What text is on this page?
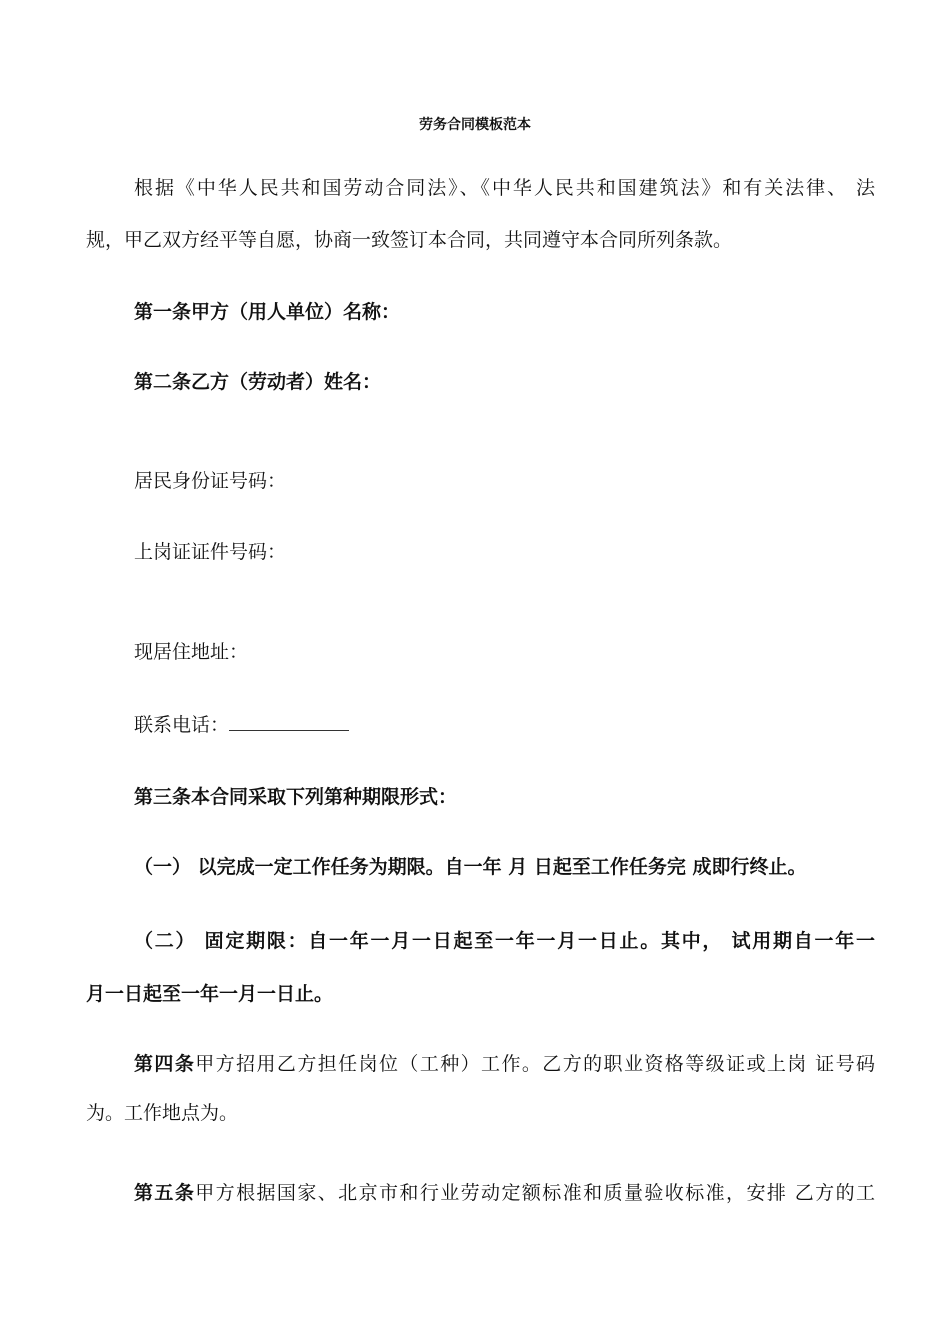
劳务合同模板范本
根据《中华人民共和国劳动合同法》、《中华人民共和国建筑法》和有关法律、 法
规，甲乙双方经平等自愿，协商一致签订本合同，共同遵守本合同所列条款。
第一条甲方（用人单位）名称：
第二条乙方（劳动者）姓名：
居民身份证号码：
上岗证证件号码：
现居住地址：
联系电话：
第三条本合同采取下列第种期限形式：
（一） 以完成一定工作任务为期限。自一年 月 日起至工作任务完 成即行终止。
（二） 固定期限：自一年一月一日起至一年一月一日止。其中， 试用期自一年一
月一日起至一年一月一日止。
第四条甲方招用乙方担任岗位（工种）工作。乙方的职业资格等级证或上岗 证号码
为。工作地点为。
第五条甲方根据国家、北京市和行业劳动定额标准和质量验收标准，安排 乙方的工
